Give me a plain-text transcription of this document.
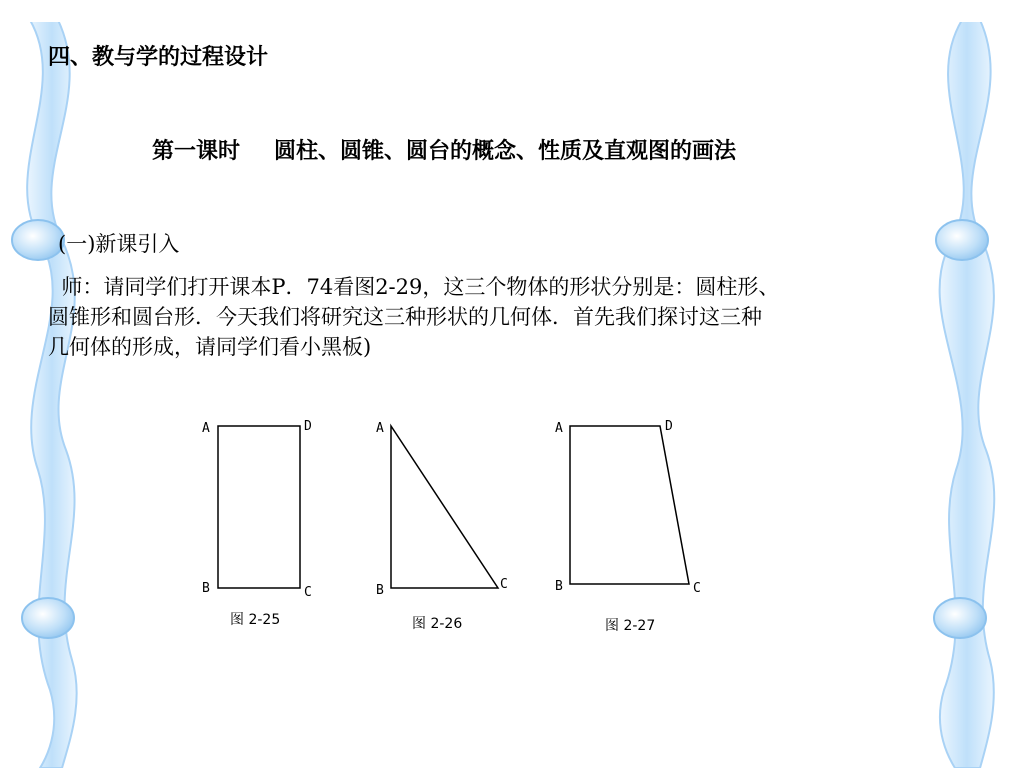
四、教与学的过程设计
第一课时 圆柱、圆锥、圆台的概念、性质及直观图的画法
(一)新课引入
师：请同学们打开课本P．74看图2-29，这三个物体的形状分别是：圆柱形、
圆锥形和圆台形．今天我们将研究这三种形状的几何体．首先我们探讨这三种
几何体的形成，请同学们看小黑板)
A	D
B	C
图 2-25
A
B	C
图 2-26
A	D
B	C
图 2-27
